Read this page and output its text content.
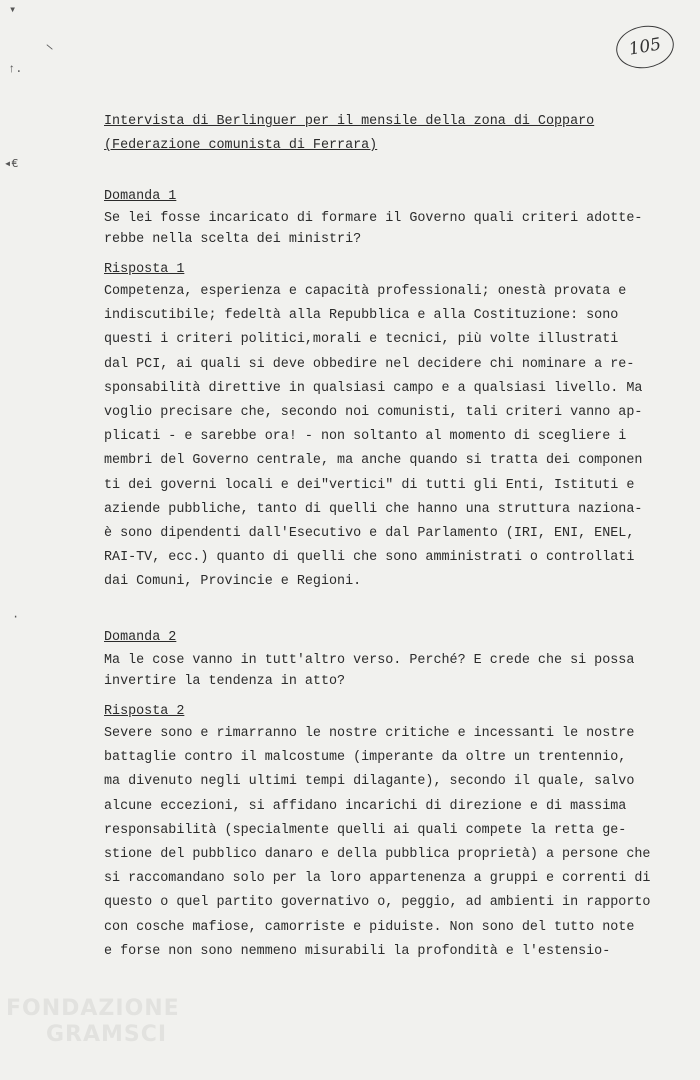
105
▾
↑.
—
◂€
·
Intervista di Berlinguer per il mensile della zona di Copparo
(Federazione comunista di Ferrara)
Domanda 1
Se lei fosse incaricato di formare il Governo quali criteri adotte-
rebbe nella scelta dei ministri?
Risposta 1
Competenza, esperienza e capacità professionali; onestà provata e
indiscutibile; fedeltà alla Repubblica e alla Costituzione: sono
questi i criteri politici,morali e tecnici, più volte illustrati
dal PCI, ai quali si deve obbedire nel decidere chi nominare a re-
sponsabilità direttive in qualsiasi campo e a qualsiasi livello. Ma
voglio precisare che, secondo noi comunisti, tali criteri vanno ap-
plicati - e sarebbe ora! - non soltanto al momento di scegliere i
membri del Governo centrale, ma anche quando si tratta dei componen
ti dei governi locali e dei"vertici" di tutti gli Enti, Istituti e
aziende pubbliche, tanto di quelli che hanno una struttura naziona-
è sono dipendenti dall'Esecutivo e dal Parlamento (IRI, ENI, ENEL,
RAI-TV, ecc.) quanto di quelli che sono amministrati o controllati
dai Comuni, Provincie e Regioni.
Domanda 2
Ma le cose vanno in tutt'altro verso. Perché? E crede che si possa
invertire la tendenza in atto?
Risposta 2
Severe sono e rimarranno le nostre critiche e incessanti le nostre
battaglie contro il malcostume (imperante da oltre un trentennio,
ma divenuto negli ultimi tempi dilagante), secondo il quale, salvo
alcune eccezioni, si affidano incarichi di direzione e di massima
responsabilità (specialmente quelli ai quali compete la retta ge-
stione del pubblico danaro e della pubblica proprietà) a persone che
si raccomandano solo per la loro appartenenza a gruppi e correnti di
questo o quel partito governativo o, peggio, ad ambienti in rapporto
con cosche mafiose, camorriste e piduiste. Non sono del tutto note
e forse non sono nemmeno misurabili la profondità e l'estensio-
FONDAZIONE
GRAMSCI
